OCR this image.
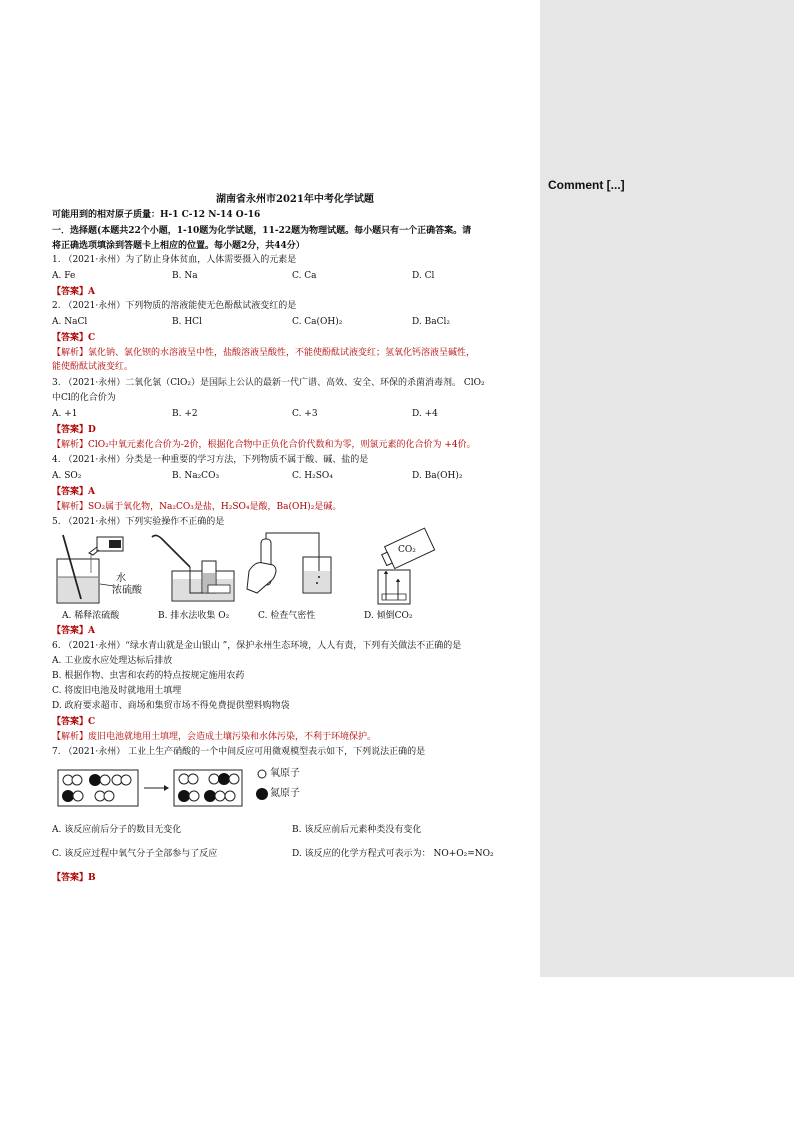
湖南省永州市2021年中考化学试题
可能用到的相对原子质量：H-1 C-12 N-14 O-16
一．选择题(本题共22个小题，1-10题为化学试题，11-22题为物理试题。每小题只有一个正确答案。请
将正确选项填涂到答题卡上相应的位置。每小题2分，共44分）
1. （2021·永州）为了防止身体贫血，人体需要摄入的元素是
A. Fe	B. Na	C. Ca	D. Cl
【答案】A
2. （2021·永州）下列物质的溶液能使无色酚酞试液变红的是
A. NaCl	B. HCl	C. Ca(OH)₂	D. BaCl₂
【答案】C
【解析】氯化钠、氯化钡的水溶液呈中性，盐酸溶液呈酸性，不能使酚酞试液变红；氢氧化钙溶液呈碱性，
能使酚酞试液变红。
3. （2021·永州）二氧化氯（ClO₂）是国际上公认的最新一代广谱、高效、安全、环保的杀菌消毒剂。 ClO₂
中Cl的化合价为
A. +1	B. +2	C. +3	D. +4
【答案】D
【解析】ClO₂中氧元素化合价为-2价，根据化合物中正负化合价代数和为零，则氯元素的化合价为 +4价。
4. （2021·永州）分类是一种重要的学习方法，下列物质不属于酸、碱、盐的是
A. SO₂	B. Na₂CO₃	C. H₂SO₄	D. Ba(OH)₂
【答案】A
【解析】SO₂属于氧化物，Na₂CO₃是盐，H₂SO₄是酸，Ba(OH)₂是碱。
5. （2021·永州）下列实验操作不正确的是
水
浓硫酸
CO₂
A. 稀释浓硫酸	B. 排水法收集 O₂	C. 检查气密性	D. 倾倒CO₂
【答案】A
6. （2021·永州）“绿水青山就是金山银山 ”，保护永州生态环境，人人有责，下列有关做法不正确的是
A. 工业废水应处理达标后排放
B. 根据作物、虫害和农药的特点按规定施用农药
C. 将废旧电池及时就地用土填埋
D. 政府要求超市、商场和集贸市场不得免费提供塑料购物袋
【答案】C
【解析】废旧电池就地用土填埋，会造成土壤污染和水体污染，不利于环境保护。
7. （2021·永州） 工业上生产硝酸的一个中间反应可用微观模型表示如下，下列说法正确的是
氧原子
氮原子
A. 该反应前后分子的数目无变化	B. 该反应前后元素种类没有变化
C. 该反应过程中氧气分子全部参与了反应	D. 该反应的化学方程式可表示为： NO+O₂=NO₂
【答案】B
Comment [...]
